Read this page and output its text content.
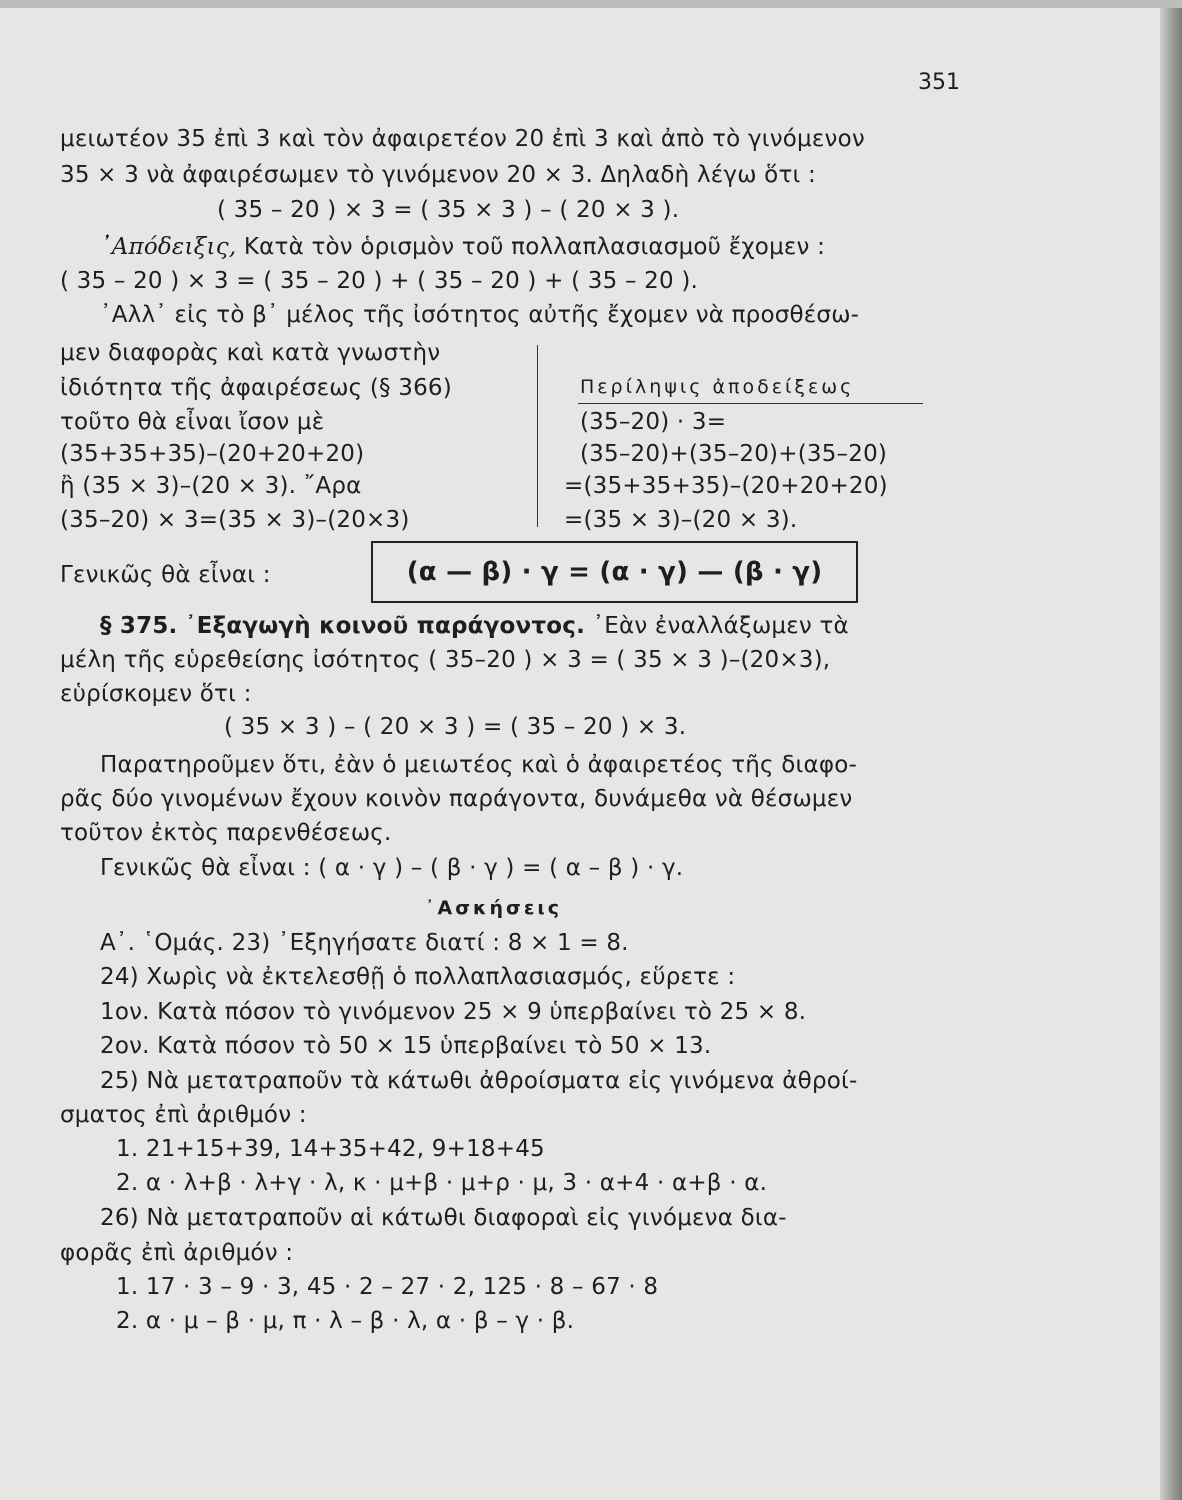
351
μειωτέον 35 ἐπὶ 3 καὶ τὸν ἀφαιρετέον 20 ἐπὶ 3 καὶ ἀπὸ τὸ γινόμενον
35 × 3 νὰ ἀφαιρέσωμεν τὸ γινόμενον 20 × 3. Δηλαδὴ λέγω ὅτι :
( 35 – 20 ) × 3 = ( 35 × 3 ) – ( 20 × 3 ).
᾽Απόδειξις, Κατὰ τὸν ὁρισμὸν τοῦ πολλαπλασιασμοῦ ἔχομεν :
( 35 – 20 ) × 3 = ( 35 – 20 ) + ( 35 – 20 ) + ( 35 – 20 ).
᾽Αλλ᾽ εἰς τὸ β᾽ μέλος τῆς ἰσότητος αὐτῆς ἔχομεν νὰ προσθέσω-
μεν διαφορὰς καὶ κατὰ γνωστὴν
ἰδιότητα τῆς ἀφαιρέσεως (§ 366)
τοῦτο θὰ εἶναι ἴσον μὲ
(35+35+35)–(20+20+20)
ἢ (35 × 3)–(20 × 3). ῎Αρα
(35–20) × 3=(35 × 3)–(20×3)
Περίληψις ἀποδείξεως
(35–20) · 3=
(35–20)+(35–20)+(35–20)
=(35+35+35)–(20+20+20)
=(35 × 3)–(20 × 3).
Γενικῶς θὰ εἶναι :	(α — β) · γ = (α · γ) — (β · γ)
§ 375. ᾽Εξαγωγὴ κοινοῦ παράγοντος. ᾽Εὰν ἐναλλάξωμεν τὰ
μέλη τῆς εὑρεθείσης ἰσότητος ( 35–20 ) × 3 = ( 35 × 3 )–(20×3),
εὑρίσκομεν ὅτι :
( 35 × 3 ) – ( 20 × 3 ) = ( 35 – 20 ) × 3.
Παρατηροῦμεν ὅτι, ἐὰν ὁ μειωτέος καὶ ὁ ἀφαιρετέος τῆς διαφο-
ρᾶς δύο γινομένων ἔχουν κοινὸν παράγοντα, δυνάμεθα νὰ θέσωμεν
τοῦτον ἐκτὸς παρενθέσεως.
Γενικῶς θὰ εἶναι : ( α · γ ) – ( β · γ ) = ( α – β ) · γ.
᾽Ασκήσεις
Α᾽. ῾Ομάς. 23) ᾽Εξηγήσατε διατί : 8 × 1 = 8.
24) Χωρὶς νὰ ἐκτελεσθῇ ὁ πολλαπλασιασμός, εὕρετε :
1ον. Κατὰ πόσον τὸ γινόμενον 25 × 9 ὑπερβαίνει τὸ 25 × 8.
2ον. Κατὰ πόσον τὸ 50 × 15 ὑπερβαίνει τὸ 50 × 13.
25) Νὰ μετατραποῦν τὰ κάτωθι ἀθροίσματα εἰς γινόμενα ἀθροί-
σματος ἐπὶ ἀριθμόν :
1. 21+15+39, 14+35+42, 9+18+45
2. α · λ+β · λ+γ · λ, κ · μ+β · μ+ρ · μ, 3 · α+4 · α+β · α.
26) Νὰ μετατραποῦν αἱ κάτωθι διαφοραὶ εἰς γινόμενα δια-
φορᾶς ἐπὶ ἀριθμόν :
1. 17 · 3 – 9 · 3, 45 · 2 – 27 · 2, 125 · 8 – 67 · 8
2. α · μ – β · μ, π · λ – β · λ, α · β – γ · β.
